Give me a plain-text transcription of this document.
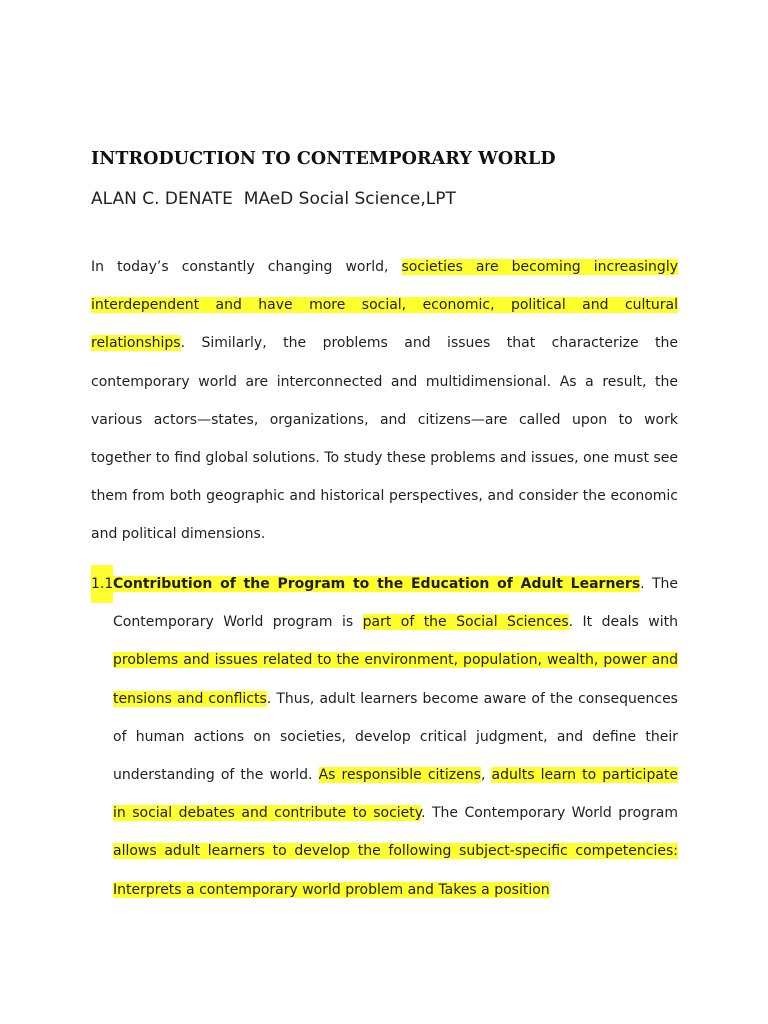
INTRODUCTION TO CONTEMPORARY WORLD

ALAN C. DENATE  MAeD Social Science,LPT

In today’s constantly changing world, societies are becoming increasingly interdependent and have more social, economic, political and cultural relationships. Similarly, the problems and issues that characterize the contemporary world are interconnected and multidimensional. As a result, the various actors—states, organizations, and citizens—are called upon to work together to find global solutions. To study these problems and issues, one must see them from both geographic and historical perspectives, and consider the economic and political dimensions.

1.1 Contribution of the Program to the Education of Adult Learners. The Contemporary World program is part of the Social Sciences. It deals with problems and issues related to the environment, population, wealth, power and tensions and conflicts. Thus, adult learners become aware of the consequences of human actions on societies, develop critical judgment, and define their understanding of the world. As responsible citizens, adults learn to participate in social debates and contribute to society. The Contemporary World program allows adult learners to develop the following subject-specific competencies: Interprets a contemporary world problem and Takes a position
